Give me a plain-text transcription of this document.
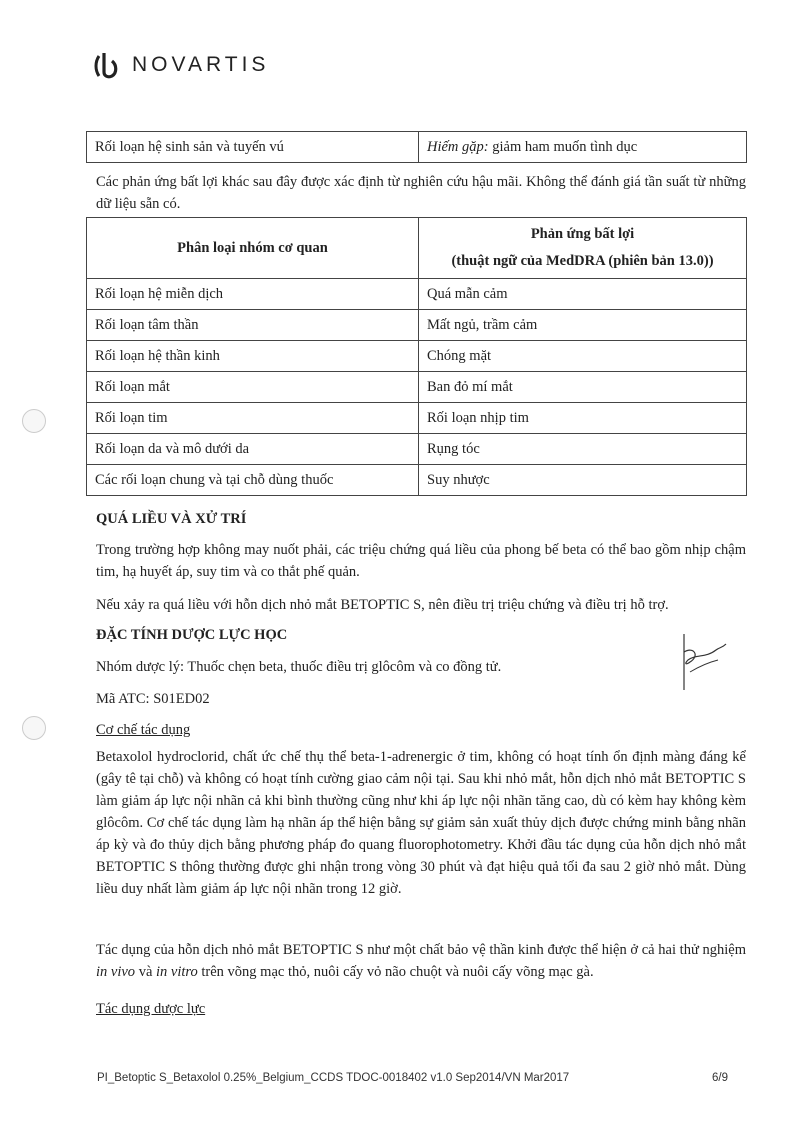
NOVARTIS
Rối loạn hệ sinh sản và tuyến vú	Hiếm gặp: giảm ham muốn tình dục

Các phản ứng bất lợi khác sau đây được xác định từ nghiên cứu hậu mãi. Không thể đánh giá tần suất từ những dữ liệu sẵn có.

Phân loại nhóm cơ quan	Phản ứng bất lợi
(thuật ngữ của MedDRA (phiên bản 13.0))
Rối loạn hệ miễn dịch	Quá mẫn cảm
Rối loạn tâm thần	Mất ngủ, trầm cảm
Rối loạn hệ thần kinh	Chóng mặt
Rối loạn mắt	Ban đỏ mí mắt
Rối loạn tim	Rối loạn nhịp tim
Rối loạn da và mô dưới da	Rụng tóc
Các rối loạn chung và tại chỗ dùng thuốc	Suy nhược
QUÁ LIỀU VÀ XỬ TRÍ

Trong trường hợp không may nuốt phải, các triệu chứng quá liều của phong bế beta có thể bao gồm nhịp chậm tim, hạ huyết áp, suy tim và co thắt phế quản.

Nếu xảy ra quá liều với hỗn dịch nhỏ mắt BETOPTIC S, nên điều trị triệu chứng và điều trị hỗ trợ.

ĐẶC TÍNH DƯỢC LỰC HỌC

Nhóm dược lý: Thuốc chẹn beta, thuốc điều trị glôcôm và co đồng tử.

Mã ATC: S01ED02

Cơ chế tác dụng

Betaxolol hydroclorid, chất ức chế thụ thể beta-1-adrenergic ở tim, không có hoạt tính ổn định màng đáng kể (gây tê tại chỗ) và không có hoạt tính cường giao cảm nội tại. Sau khi nhỏ mắt, hỗn dịch nhỏ mắt BETOPTIC S làm giảm áp lực nội nhãn cả khi bình thường cũng như khi áp lực nội nhãn tăng cao, dù có kèm hay không kèm glôcôm. Cơ chế tác dụng làm hạ nhãn áp thể hiện bằng sự giảm sản xuất thủy dịch được chứng minh bằng nhãn áp kỳ và đo thủy dịch bằng phương pháp đo quang fluorophotometry. Khởi đầu tác dụng của hỗn dịch nhỏ mắt BETOPTIC S thông thường được ghi nhận trong vòng 30 phút và đạt hiệu quả tối đa sau 2 giờ nhỏ mắt. Dùng liều duy nhất làm giảm áp lực nội nhãn trong 12 giờ.

Tác dụng của hỗn dịch nhỏ mắt BETOPTIC S như một chất bảo vệ thần kinh được thể hiện ở cả hai thử nghiệm in vivo và in vitro trên võng mạc thỏ, nuôi cấy vỏ não chuột và nuôi cấy võng mạc gà.

Tác dụng dược lực

PI_Betoptic S_Betaxolol 0.25%_Belgium_CCDS TDOC-0018402 v1.0 Sep2014/VN Mar2017	6/9
